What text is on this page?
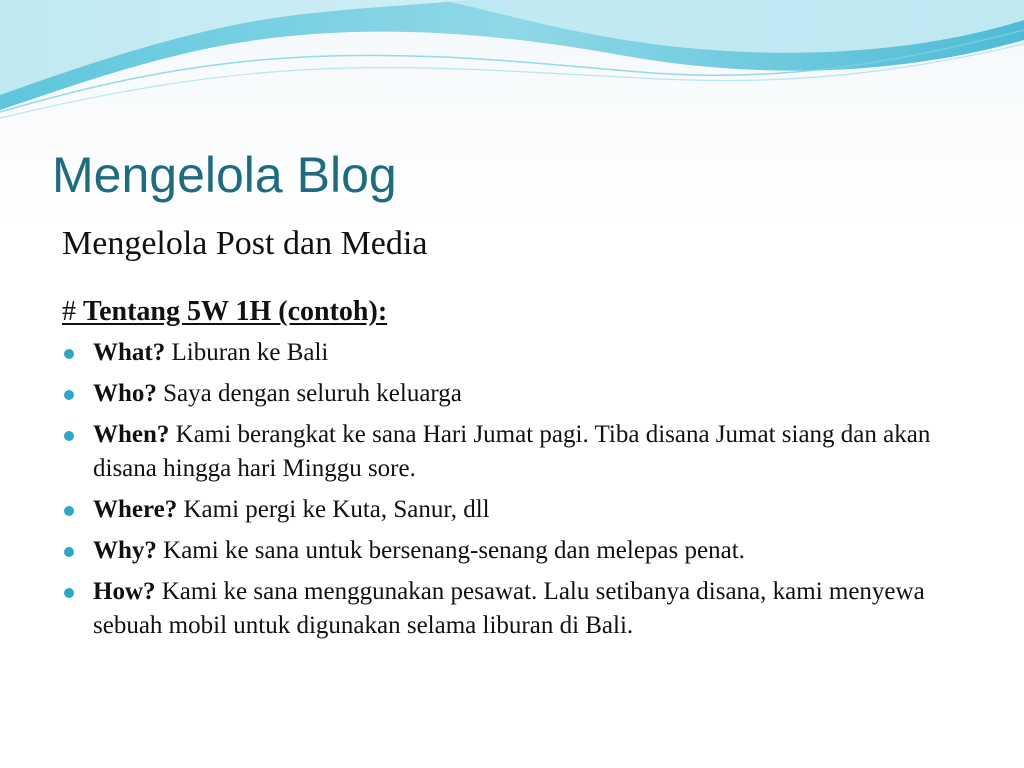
Mengelola Blog
Mengelola Post dan Media

# Tentang 5W 1H (contoh):

What? Liburan ke Bali
Who? Saya dengan seluruh keluarga
When? Kami berangkat ke sana Hari Jumat pagi. Tiba disana Jumat siang dan akan disana hingga hari Minggu sore.
Where? Kami pergi ke Kuta, Sanur, dll
Why? Kami ke sana untuk bersenang-senang dan melepas penat.
How? Kami ke sana menggunakan pesawat. Lalu setibanya disana, kami menyewa sebuah mobil untuk digunakan selama liburan di Bali.
